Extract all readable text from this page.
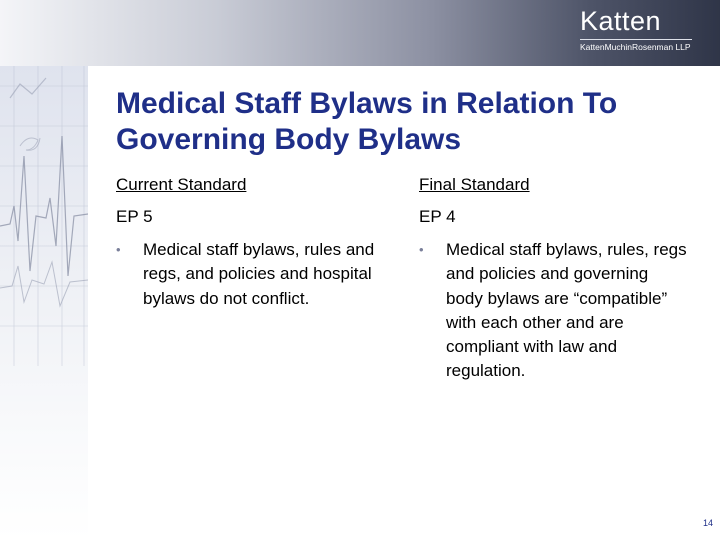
Katten
KattenMuchinRosenman LLP
Medical Staff Bylaws in Relation To Governing Body Bylaws
Current Standard
EP 5
• Medical staff bylaws, rules and regs, and policies and hospital bylaws do not conflict.
Final Standard
EP 4
• Medical staff bylaws, rules, regs and policies and governing body bylaws are “compatible” with each other and are compliant with law and regulation.
14
